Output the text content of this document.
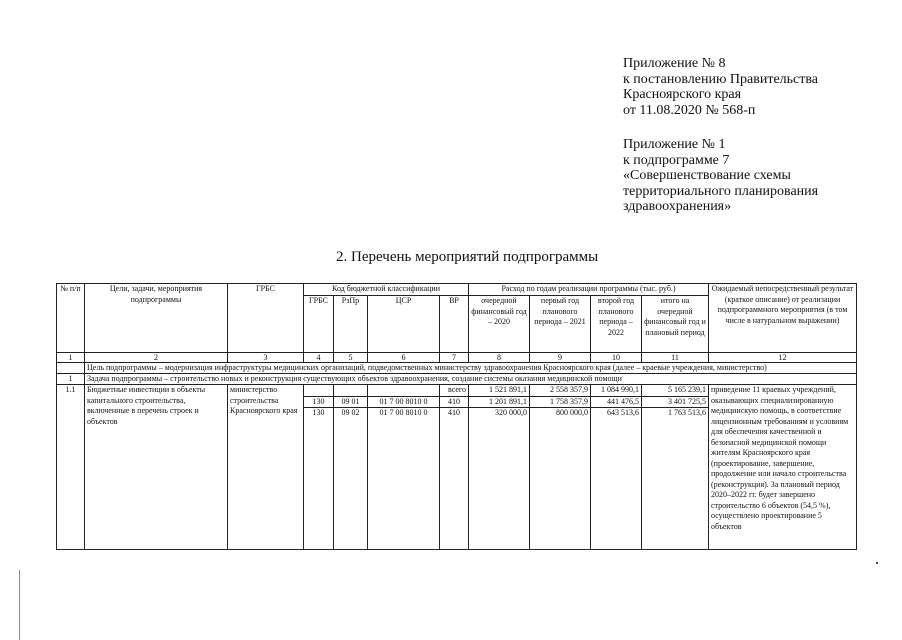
Приложение № 8
к постановлению Правительства
Красноярского края
от 11.08.2020 № 568-п
Приложение № 1
к подпрограмме 7
«Совершенствование схемы
территориального планирования
здравоохранения»
2. Перечень мероприятий подпрограммы
№ п/п	Цели, задачи, мероприятия подпрограммы	ГРБС	Код бюджетной классификации				Расход по годам реализации программы (тыс. руб.)				Ожидаемый непосредственный результат (краткое описание) от реализации подпрограммного мероприятия (в том числе в натуральном выражении)
			ГРБС	РзПр	ЦСР	ВР	очередной финансовый год – 2020	первый год планового периода – 2021	второй год планового периода – 2022	итого на очередной финансовый год и плановый период	
1	2	3	4	5	6	7	8	9	10	11	12
	Цель подпрограммы – модернизация инфраструктуры медицинских организаций, подведомственных министерству здравоохранения Красноярского края (далее – краевые учреждения, министерство)										
1	Задача подпрограммы – строительство новых и реконструкция существующих объектов здравоохранения, создание системы оказания медицинской помощи										
1.1	Бюджетные инвестиции в объекты капитального строительства, включенные в перечень строек и объектов	министерство строительства Красноярского края				всего	1 521 891,1	2 558 357,9	1 084 990,1	5 165 239,1	приведение 11 краевых учреждений, оказывающих специализированную медицинскую помощь, в соответствие лицензионным требованиям и условиям для обеспечения качественной и безопасной медицинской помощи жителям Красноярского края (проектирование, завершение, продолжение или начало строительства (реконструкция). За плановый период 2020–2022 гг. будет завершено строительство 6 объектов (54,5 %), осуществлено проектирование 5 объектов
			130	09 01	01 7 00 8010 0	410	1 201 891,1	1 758 357,9	441 476,5	3 401 725,5	
			130	09 02	01 7 00 8010 0	410	320 000,0	800 000,0	643 513,6	1 763 513,6	
